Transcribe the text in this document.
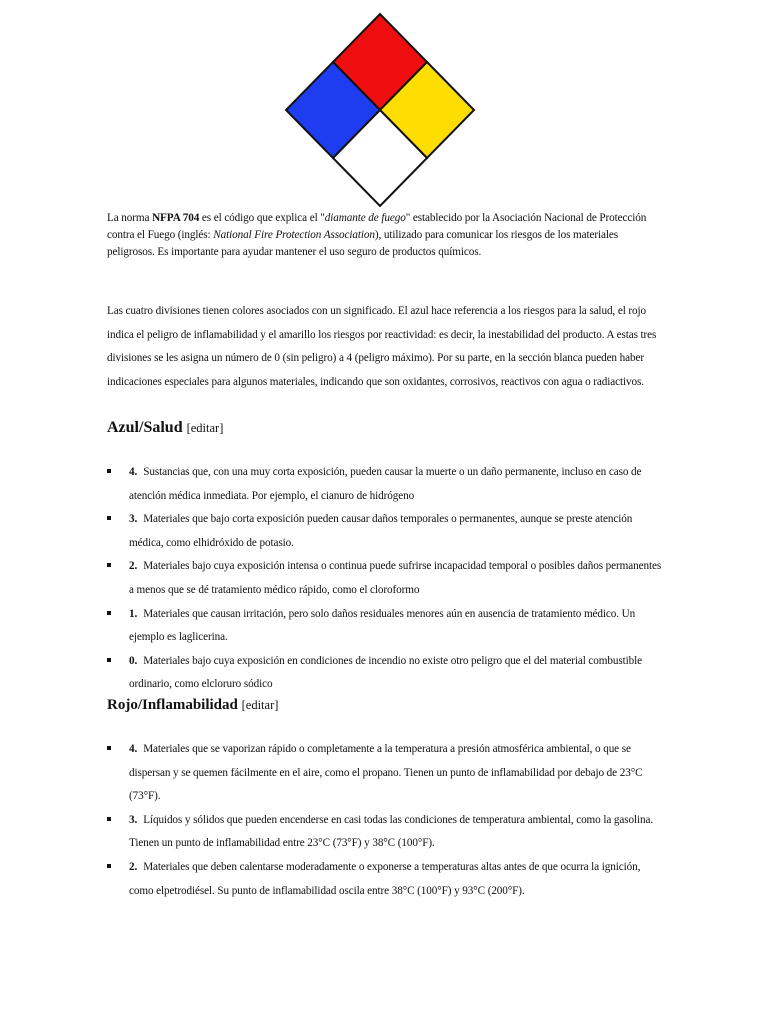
La norma NFPA 704 es el código que explica el "diamante de fuego" establecido por la Asociación Nacional de Protección contra el Fuego (inglés: National Fire Protection Association), utilizado para comunicar los riesgos de los materiales peligrosos. Es importante para ayudar mantener el uso seguro de productos químicos.
Las cuatro divisiones tienen colores asociados con un significado. El azul hace referencia a los riesgos para la salud, el rojo indica el peligro de inflamabilidad y el amarillo los riesgos por reactividad: es decir, la inestabilidad del producto. A estas tres divisiones se les asigna un número de 0 (sin peligro) a 4 (peligro máximo). Por su parte, en la sección blanca pueden haber indicaciones especiales para algunos materiales, indicando que son oxidantes, corrosivos, reactivos con agua o radiactivos.
Azul/Salud [editar]
4. Sustancias que, con una muy corta exposición, pueden causar la muerte o un daño permanente, incluso en caso de atención médica inmediata. Por ejemplo, el cianuro de hidrógeno
3. Materiales que bajo corta exposición pueden causar daños temporales o permanentes, aunque se preste atención médica, como elhidróxido de potasio.
2. Materiales bajo cuya exposición intensa o continua puede sufrirse incapacidad temporal o posibles daños permanentes a menos que se dé tratamiento médico rápido, como el cloroformo
1. Materiales que causan irritación, pero solo daños residuales menores aún en ausencia de tratamiento médico. Un ejemplo es laglicerina.
0. Materiales bajo cuya exposición en condiciones de incendio no existe otro peligro que el del material combustible ordinario, como elcloruro sódico
Rojo/Inflamabilidad [editar]
4. Materiales que se vaporizan rápido o completamente a la temperatura a presión atmosférica ambiental, o que se dispersan y se quemen fácilmente en el aire, como el propano. Tienen un punto de inflamabilidad por debajo de 23°C (73°F).
3. Líquidos y sólidos que pueden encenderse en casi todas las condiciones de temperatura ambiental, como la gasolina. Tienen un punto de inflamabilidad entre 23°C (73°F) y 38°C (100°F).
2. Materiales que deben calentarse moderadamente o exponerse a temperaturas altas antes de que ocurra la ignición, como elpetrodiésel. Su punto de inflamabilidad oscila entre 38°C (100°F) y 93°C (200°F).
